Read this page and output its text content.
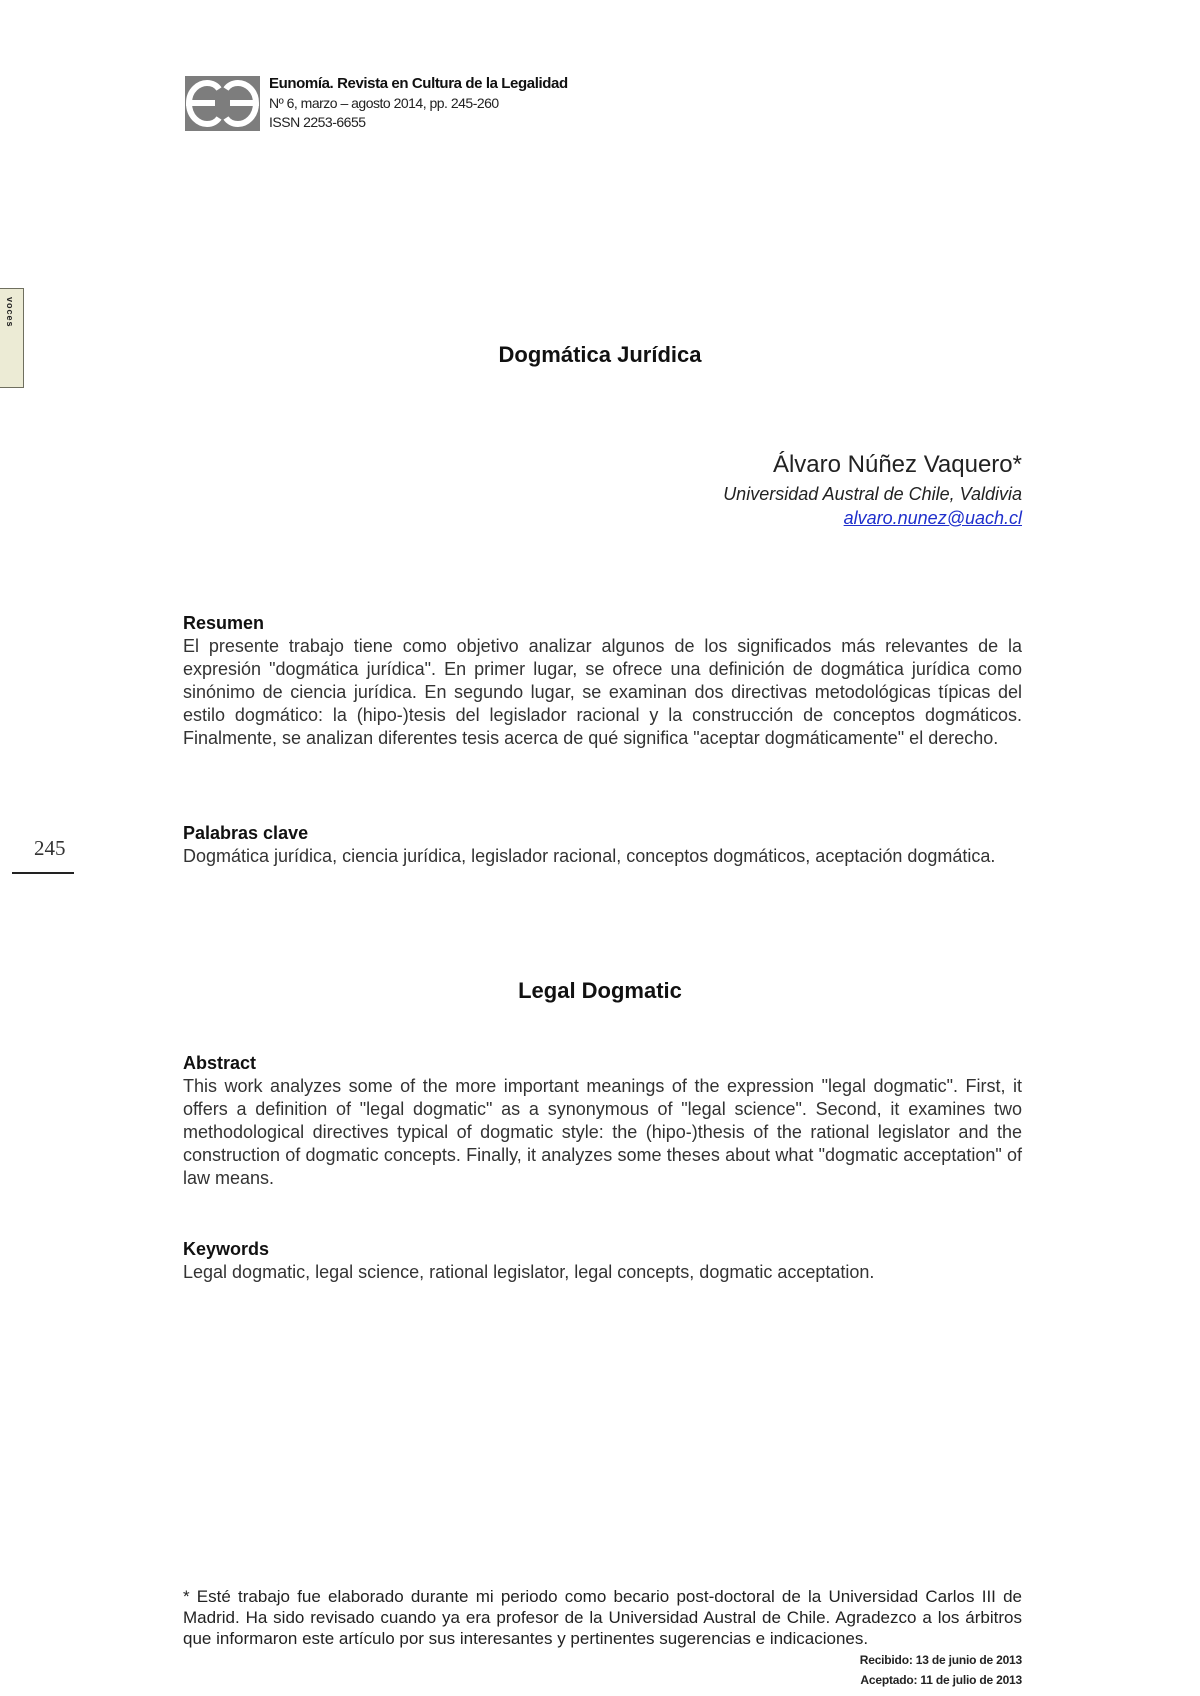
Eunomía. Revista en Cultura de la Legalidad
Nº 6, marzo – agosto 2014, pp. 245-260
ISSN 2253-6655
voces
245
Dogmática Jurídica
Álvaro Núñez Vaquero*
Universidad Austral de Chile, Valdivia
alvaro.nunez@uach.cl
Resumen

El presente trabajo tiene como objetivo analizar algunos de los significados más relevantes de la expresión "dogmática jurídica". En primer lugar, se ofrece una definición de dogmática jurídica como sinónimo de ciencia jurídica. En segundo lugar, se examinan dos directivas metodológicas típicas del estilo dogmático: la (hipo-)tesis del legislador racional y la construcción de conceptos dogmáticos. Finalmente, se analizan diferentes tesis acerca de qué significa "aceptar dogmáticamente" el derecho.

Palabras clave

Dogmática jurídica, ciencia jurídica, legislador racional, conceptos dogmáticos, aceptación dogmática.

Legal Dogmatic
Abstract

This work analyzes some of the more important meanings of the expression "legal dogmatic". First, it offers a definition of "legal dogmatic" as a synonymous of "legal science". Second, it examines two methodological directives typical of dogmatic style: the (hipo-)thesis of the rational legislator and the construction of dogmatic concepts. Finally, it analyzes some theses about what "dogmatic acceptation" of law means.

Keywords

Legal dogmatic, legal science, rational legislator, legal concepts, dogmatic acceptation.

* Esté trabajo fue elaborado durante mi periodo como becario post-doctoral de la Universidad Carlos III de Madrid. Ha sido revisado cuando ya era profesor de la Universidad Austral de Chile. Agradezco a los árbitros que informaron este artículo por sus interesantes y pertinentes sugerencias e indicaciones.

Recibido: 13 de junio de 2013
Aceptado: 11 de julio de 2013
